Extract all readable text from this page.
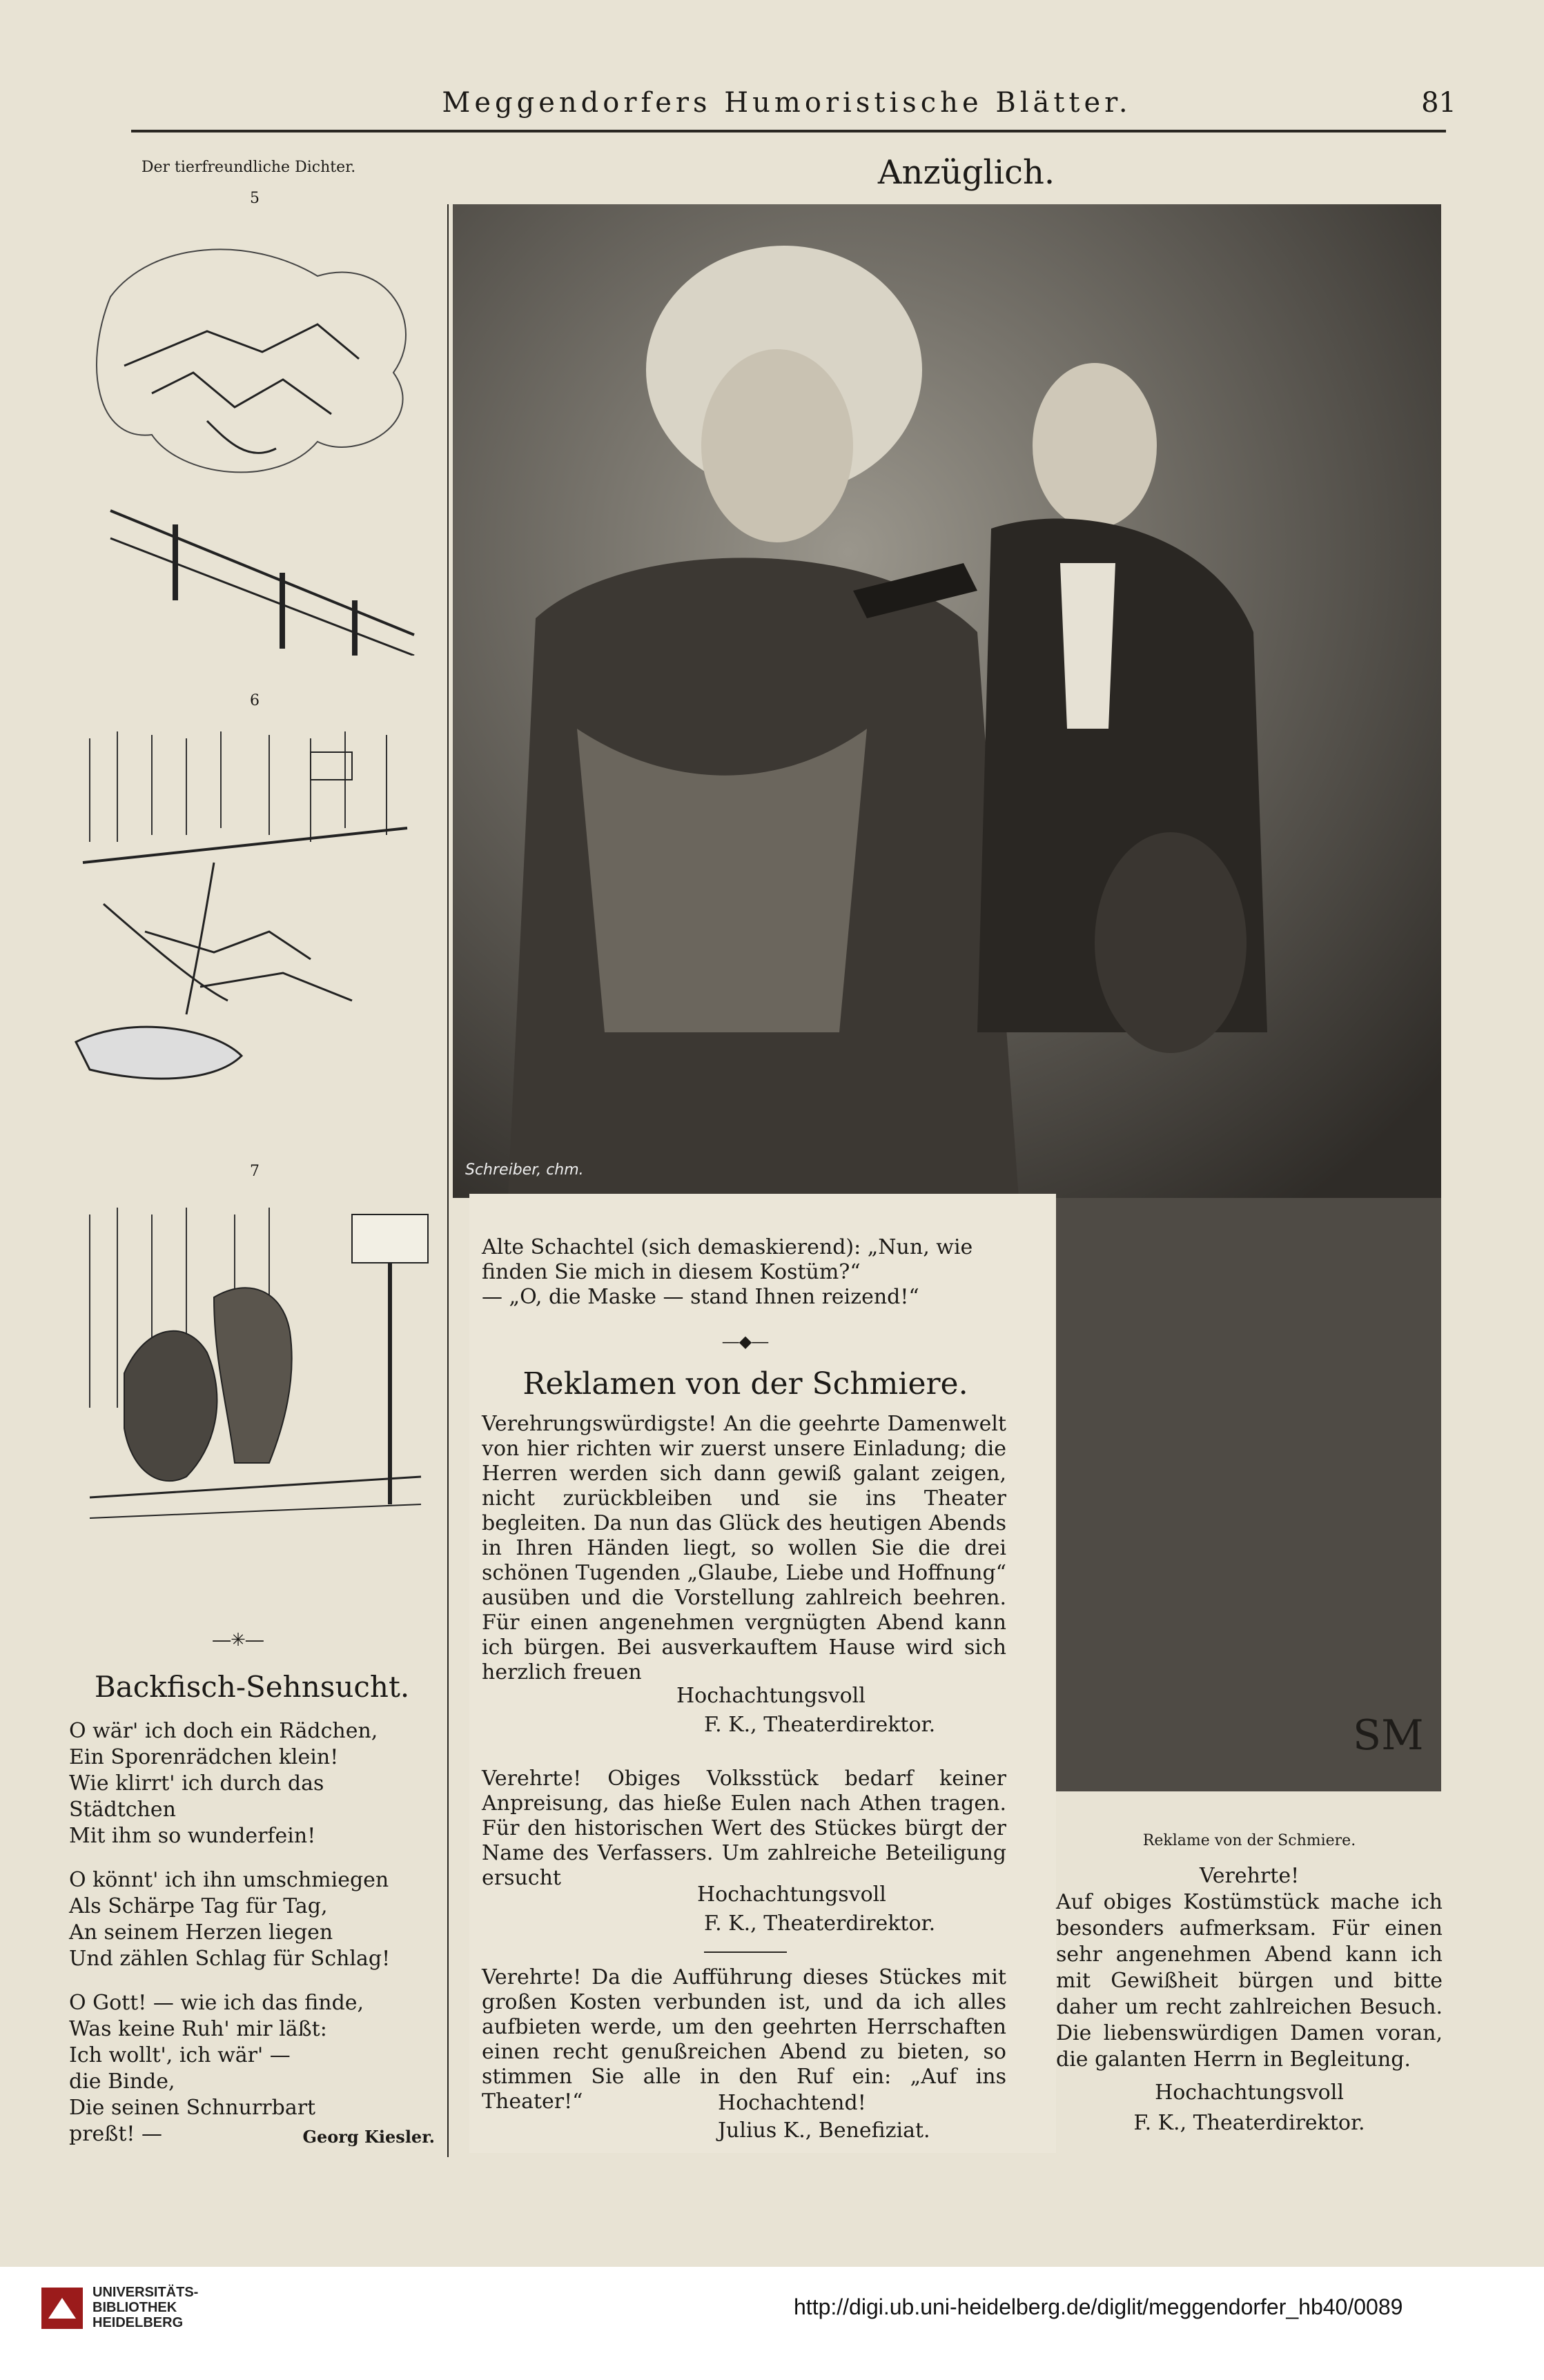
Meggendorfers Humoristische Blätter.	81
Der tierfreundliche Dichter.
5
6
7
―✳―
Anzüglich.
Schreiber, chm.
Alte Schachtel (sich demaskierend): „Nun, wie finden Sie mich in diesem Kostüm?“
— „O, die Maske — stand Ihnen reizend!“
―◆―
Reklamen von der Schmiere.
Verehrungswürdigste! An die geehrte Damenwelt von hier richten wir zuerst unsere Einladung; die Herren werden sich dann gewiß galant zeigen, nicht zurückbleiben und sie ins Theater begleiten. Da nun das Glück des heutigen Abends in Ihren Händen liegt, so wollen Sie die drei schönen Tugenden „Glaube, Liebe und Hoffnung“ ausüben und die Vorstellung zahlreich beehren. Für einen angenehmen vergnügten Abend kann ich bürgen. Bei ausverkauftem Hause wird sich herzlich freuen
Hochachtungsvoll
F. K., Theaterdirektor.
Verehrte! Obiges Volksstück bedarf keiner Anpreisung, das hieße Eulen nach Athen tragen. Für den historischen Wert des Stückes bürgt der Name des Verfassers. Um zahlreiche Beteiligung ersucht
Hochachtungsvoll
F. K., Theaterdirektor.
Verehrte! Da die Aufführung dieses Stückes mit großen Kosten verbunden ist, und da ich alles aufbieten werde, um den geehrten Herrschaften einen recht genußreichen Abend zu bieten, so stimmen Sie alle in den Ruf ein: „Auf ins Theater!“	Hochachtend!
Julius K., Benefiziat.
SM
Backfisch-Sehnsucht.

O wär' ich doch ein Rädchen,
Ein Sporenrädchen klein!
Wie klirrt' ich durch das Städtchen
Mit ihm so wunderfein!

O könnt' ich ihn umschmiegen
Als Schärpe Tag für Tag,
An seinem Herzen liegen
Und zählen Schlag für Schlag!

O Gott! — wie ich das finde,
Was keine Ruh' mir läßt:
Ich wollt', ich wär' —
die Binde,
Die seinen Schnurrbart
preßt! —	Georg Kiesler.
Reklame von der Schmiere.
Verehrte!
Auf obiges Kostümstück mache ich besonders aufmerksam. Für einen sehr angenehmen Abend kann ich mit Gewißheit bürgen und bitte daher um recht zahlreichen Besuch. Die liebenswürdigen Damen voran, die galanten Herrn in Begleitung.
Hochachtungsvoll
F. K., Theaterdirektor.
UNIVERSITÄTS-
BIBLIOTHEK
HEIDELBERG
http://digi.ub.uni-heidelberg.de/diglit/meggendorfer_hb40/0089
